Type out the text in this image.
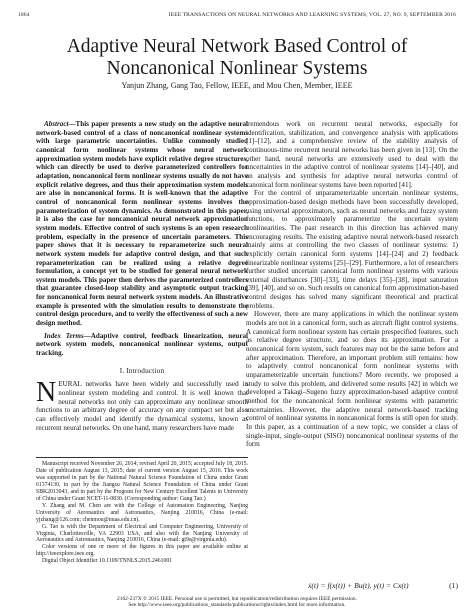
1864	IEEE TRANSACTIONS ON NEURAL NETWORKS AND LEARNING SYSTEMS, VOL. 27, NO. 9, SEPTEMBER 2016
Adaptive Neural Network Based Control of
Noncanonical Nonlinear Systems
Yanjun Zhang, Gang Tao, Fellow, IEEE, and Mou Chen, Member, IEEE

Abstract—This paper presents a new study on the adaptive neural network-based control of a class of noncanonical nonlinear systems with large parametric uncertainties. Unlike commonly studied canonical form nonlinear systems whose neural network approximation system models have explicit relative degree structures, which can directly be used to derive parameterized controllers for adaptation, noncanonical form nonlinear systems usually do not have explicit relative degrees, and thus their approximation system models are also in noncanonical forms. It is well-known that the adaptive control of noncanonical form nonlinear systems involves the parameterization of system dynamics. As demonstrated in this paper, it is also the case for noncanonical neural network approximation system models. Effective control of such systems is an open research problem, especially in the presence of uncertain parameters. This paper shows that it is necessary to reparameterize such neural network system models for adaptive control design, and that such reparameterization can be realized using a relative degree formulation, a concept yet to be studied for general neural network system models. This paper then derives the parameterized controllers that guarantee closed-loop stability and asymptotic output tracking for noncanonical form neural network system models. An illustrative example is presented with the simulation results to demonstrate the control design procedure, and to verify the effectiveness of such a new design method.

Index Terms—Adaptive control, feedback linearization, neural network system models, noncanonical nonlinear systems, output tracking.

I. Introduction

NEURAL networks have been widely and successfully used in nonlinear system modeling and control. It is well known that neural networks not only can approximate any nonlinear smooth functions to an arbitrary degree of accuracy on any compact set but also can effectively model and identify the dynamical systems, known as recurrent neural networks. On one hand, many researchers have made

Manuscript received November 26, 2014; revised April 20, 2015; accepted July 18, 2015. Date of publication August 13, 2015; date of current version August 15, 2016. This work was supported in part by the National Natural Science Foundation of China under Grant 61374130, in part by the Jiangsu Natural Science Foundation of China under Grant SBK2013043, and in part by the Program for New Century Excellent Talents in University of China under Grant NCET-11-0830. (Corresponding author: Gang Tao.)

Y. Zhang and M. Chen are with the College of Automation Engineering, Nanjing University of Aeronautics and Astronautics, Nanjing 210016, China (e-mail: yjzhang@126.com; chenmou@nuaa.edu.cn).

G. Tao is with the Department of Electrical and Computer Engineering, University of Virginia, Charlottesville, VA 22903 USA, and also with the Nanjing University of Aeronautics and Astronautics, Nanjing 210016, China (e-mail: gt9s@virginia.edu).

Color versions of one or more of the figures in this paper are available online at http://ieeexplore.ieee.org.

Digital Object Identifier 10.1109/TNNLS.2015.2461001

tremendous work on recurrent neural networks, especially for identification, stabilization, and convergence analysis with applications [1]–[12], and a comprehensive review of the stability analysis of continuous-time recurrent neural networks has been given in [13]. On the other hand, neural networks are extensively used to deal with the uncertainties in the adaptive control of nonlinear systems [14]–[40], and an analysis and synthesis for adaptive neural networks control of canonical form nonlinear systems have been reported [41].

For the control of unparameterizable uncertain nonlinear systems, approximation-based design methods have been successfully developed, using universal approximators, such as neural networks and fuzzy system functions, to approximately parameterize the uncertain system nonlinearities. The past research in this direction has achieved many encouraging results. The existing adaptive neural network-based research mainly aims at controlling the two classes of nonlinear systems: 1) explicitly certain canonical form systems [14]–[24] and 2) feedback linearizable nonlinear systems [25]–[29]. Furthermore, a lot of researchers further studied uncertain canonical form nonlinear systems with various external disturbances [30]–[33], time delays [35]–[38], input saturation [39], [40], and so on. Such results on canonical form approximation-based control designs has solved many significant theoretical and practical problems.

However, there are many applications in which the nonlinear system models are not in a canonical form, such as aircraft flight control systems. A canonical form nonlinear system has certain prespecified features, such as relative degree structure, and so does its approximation. For a noncanonical form system, such features may not be the same before and after approximation. Therefore, an important problem still remains: how to adaptively control noncanonical form nonlinear systems with unparameterizable uncertain functions? More recently, we proposed a study to solve this problem, and delivered some results [42] in which we developed a Takagi–Sugeno fuzzy approximation-based adaptive control method for the noncanonical form nonlinear systems with parametric uncertainties. However, the adaptive neural network-based tracking control of nonlinear systems in noncanonical forms is still open for study. In this paper, as a continuation of a new topic, we consider a class of single-input, single-output (SISO) noncanonical nonlinear systems of the form

ẋ(t) = f(x(t)) + Bu(t), y(t) = Cx(t)	(1)
2162-237X © 2015 IEEE. Personal use is permitted, but republication/redistribution requires IEEE permission.
See http://www.ieee.org/publications_standards/publications/rights/index.html for more information.
